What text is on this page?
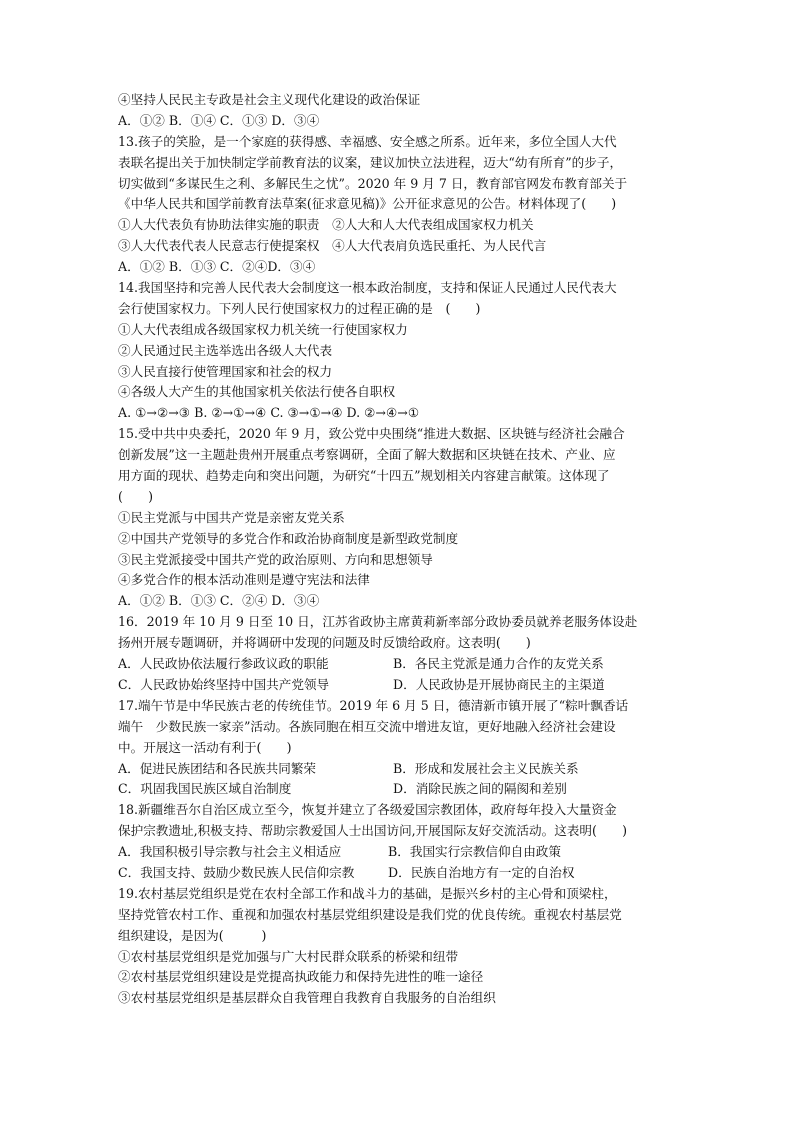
④坚持人民民主专政是社会主义现代化建设的政治保证
A．①② B．①④ C．①③ D．③④
13.孩子的笑脸，是一个家庭的获得感、幸福感、安全感之所系。近年来，多位全国人大代
表联名提出关于加快制定学前教育法的议案，建议加快立法进程，迈大“幼有所育”的步子，
切实做到“多谋民生之利、多解民生之忧”。2020 年 9 月 7 日，教育部官网发布教育部关于
《中华人民共和国学前教育法草案(征求意见稿)》公开征求意见的公告。材料体现了(　　)
①人大代表负有协助法律实施的职责　②人大和人大代表组成国家权力机关
③人大代表代表人民意志行使提案权　④人大代表肩负选民重托、为人民代言
A．①② B．①③ C．②④D．③④
14.我国坚持和完善人民代表大会制度这一根本政治制度，支持和保证人民通过人民代表大
会行使国家权力。下列人民行使国家权力的过程正确的是　(　　)
①人大代表组成各级国家权力机关统一行使国家权力
②人民通过民主选举选出各级人大代表
③人民直接行使管理国家和社会的权力
④各级人大产生的其他国家机关依法行使各自职权
A. ①→②→③ B. ②→①→④ C. ③→①→④ D. ②→④→①
15.受中共中央委托，2020 年 9 月，致公党中央围绕“推进大数据、区块链与经济社会融合
创新发展”这一主题赴贵州开展重点考察调研，全面了解大数据和区块链在技术、产业、应
用方面的现状、趋势走向和突出问题，为研究“十四五”规划相关内容建言献策。这体现了
(　　)
①民主党派与中国共产党是亲密友党关系
②中国共产党领导的多党合作和政治协商制度是新型政党制度
③民主党派接受中国共产党的政治原则、方向和思想领导
④多党合作的根本活动准则是遵守宪法和法律
A．①② B．①③ C．②④ D．③④
16．2019 年 10 月 9 日至 10 日，江苏省政协主席黄莉新率部分政协委员就养老服务体设赴
扬州开展专题调研，并将调研中发现的问题及时反馈给政府。这表明(　　)
A．人民政协依法履行参政议政的职能	B．各民主党派是通力合作的友党关系
C．人民政协始终坚持中国共产党领导	D．人民政协是开展协商民主的主渠道
17.端午节是中华民族古老的传统佳节。2019 年 6 月 5 日，德清新市镇开展了“粽叶飘香话
端午　少数民族一家亲”活动。各族同胞在相互交流中增进友谊，更好地融入经济社会建设
中。开展这一活动有利于(　　)
A．促进民族团结和各民族共同繁荣	B．形成和发展社会主义民族关系
C．巩固我国民族区域自治制度	D．消除民族之间的隔阂和差别
18.新疆维吾尔自治区成立至今，恢复并建立了各级爱国宗教团体，政府每年投入大量资金
保护宗教遗址,积极支持、帮助宗教爱国人士出国访问,开展国际友好交流活动。这表明(　　)
A．我国积极引导宗教与社会主义相适应	B．我国实行宗教信仰自由政策
C．我国支持、鼓励少数民族人民信仰宗教	D．民族自治地方有一定的自治权
19.农村基层党组织是党在农村全部工作和战斗力的基础，是振兴乡村的主心骨和顶梁柱，
坚持党管农村工作、重视和加强农村基层党组织建设是我们党的优良传统。重视农村基层党
组织建设，是因为(　　　)
①农村基层党组织是党加强与广大村民群众联系的桥梁和纽带
②农村基层党组织建设是党提高执政能力和保持先进性的唯一途径
③农村基层党组织是基层群众自我管理自我教育自我服务的自治组织
